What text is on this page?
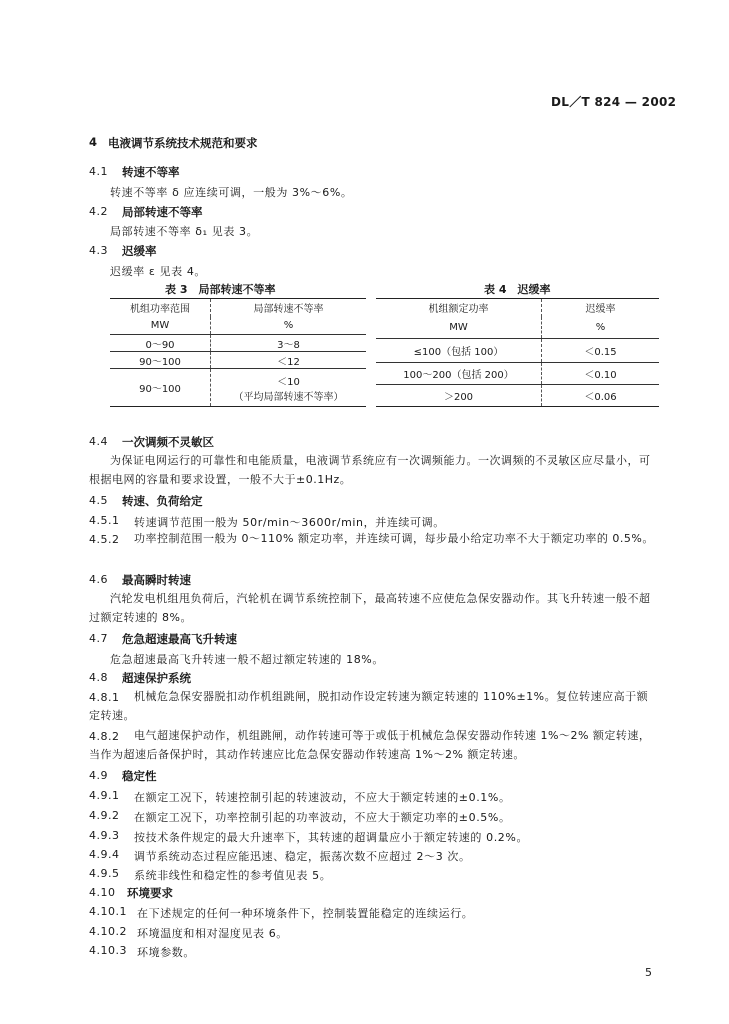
DL／T 824 — 2002
4 电液调节系统技术规范和要求
4.1 转速不等率
转速不等率 δ 应连续可调，一般为 3%～6%。
4.2 局部转速不等率
局部转速不等率 δ₁ 见表 3。
4.3 迟缓率
迟缓率 ε 见表 4。
表 3　局部转速不等率	表 4　迟缓率
机组功率范围	局部转速不等率
MW	%
0～90	3～8
90～100	＜12
90～100	＜10
（平均局部转速不等率）
机组额定功率	迟缓率
MW	%
≤100（包括 100）	＜0.15
100～200（包括 200）	＜0.10
＞200	＜0.06
4.4 一次调频不灵敏区
为保证电网运行的可靠性和电能质量，电液调节系统应有一次调频能力。一次调频的不灵敏区应尽量小，可根据电网的容量和要求设置，一般不大于±0.1Hz。
4.5 转速、负荷给定
4.5.1 转速调节范围一般为 50r/min～3600r/min，并连续可调。
4.5.2	功率控制范围一般为 0～110% 额定功率，并连续可调，每步最小给定功率不大于额定功率的 0.5%。
4.6 最高瞬时转速
汽轮发电机组甩负荷后，汽轮机在调节系统控制下，最高转速不应使危急保安器动作。其飞升转速一般不超过额定转速的 8%。
4.7 危急超速最高飞升转速
危急超速最高飞升转速一般不超过额定转速的 18%。
4.8 超速保护系统
4.8.1	机械危急保安器脱扣动作机组跳闸，脱扣动作设定转速为额定转速的 110%±1%。复位转速应高于额定转速。
4.8.2	电气超速保护动作，机组跳闸，动作转速可等于或低于机械危急保安器动作转速 1%～2% 额定转速，当作为超速后备保护时，其动作转速应比危急保安器动作转速高 1%～2% 额定转速。
4.9 稳定性
4.9.1 在额定工况下，转速控制引起的转速波动，不应大于额定转速的±0.1%。
4.9.2 在额定工况下，功率控制引起的功率波动，不应大于额定功率的±0.5%。
4.9.3 按技术条件规定的最大升速率下，其转速的超调量应小于额定转速的 0.2%。
4.9.4 调节系统动态过程应能迅速、稳定，振荡次数不应超过 2～3 次。
4.9.5 系统非线性和稳定性的参考值见表 5。
4.10 环境要求
4.10.1 在下述规定的任何一种环境条件下，控制装置能稳定的连续运行。
4.10.2 环境温度和相对湿度见表 6。
4.10.3 环境参数。
5
